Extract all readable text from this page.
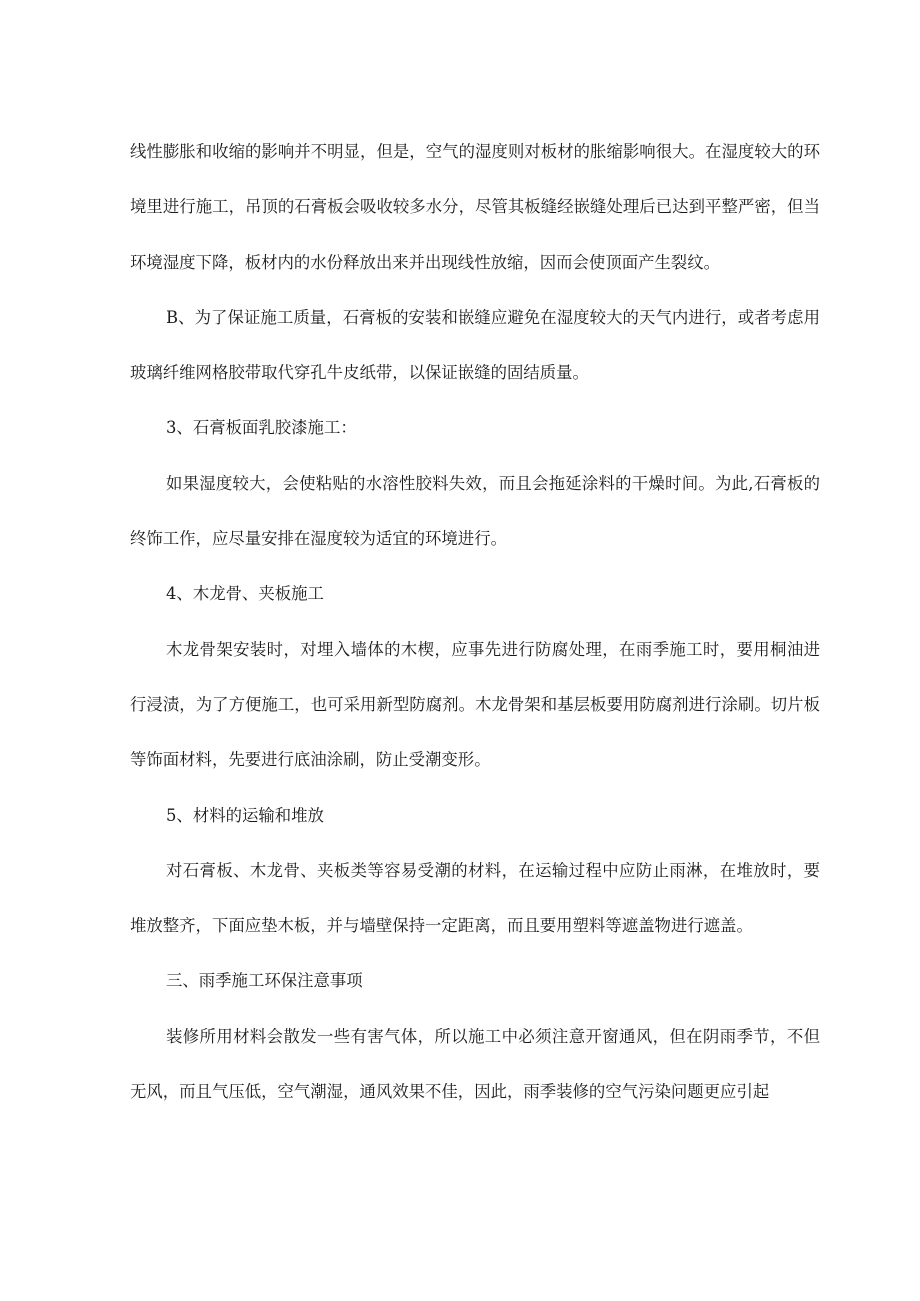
线性膨胀和收缩的影响并不明显，但是，空气的湿度则对板材的胀缩影响很大。在湿度较大的环境里进行施工，吊顶的石膏板会吸收较多水分，尽管其板缝经嵌缝处理后已达到平整严密，但当环境湿度下降，板材内的水份释放出来并出现线性放缩，因而会使顶面产生裂纹。

B、为了保证施工质量，石膏板的安装和嵌缝应避免在湿度较大的天气内进行，或者考虑用玻璃纤维网格胶带取代穿孔牛皮纸带，以保证嵌缝的固结质量。

3、石膏板面乳胶漆施工：

如果湿度较大，会使粘贴的水溶性胶料失效，而且会拖延涂料的干燥时间。为此,石膏板的终饰工作，应尽量安排在湿度较为适宜的环境进行。

4、木龙骨、夹板施工

木龙骨架安装时，对埋入墙体的木楔，应事先进行防腐处理，在雨季施工时，要用桐油进行浸渍，为了方便施工，也可采用新型防腐剂。木龙骨架和基层板要用防腐剂进行涂刷。切片板等饰面材料，先要进行底油涂刷，防止受潮变形。

5、材料的运输和堆放

对石膏板、木龙骨、夹板类等容易受潮的材料，在运输过程中应防止雨淋，在堆放时，要堆放整齐，下面应垫木板，并与墙壁保持一定距离，而且要用塑料等遮盖物进行遮盖。

三、雨季施工环保注意事项

装修所用材料会散发一些有害气体，所以施工中必须注意开窗通风，但在阴雨季节，不但无风，而且气压低，空气潮湿，通风效果不佳，因此，雨季装修的空气污染问题更应引起
